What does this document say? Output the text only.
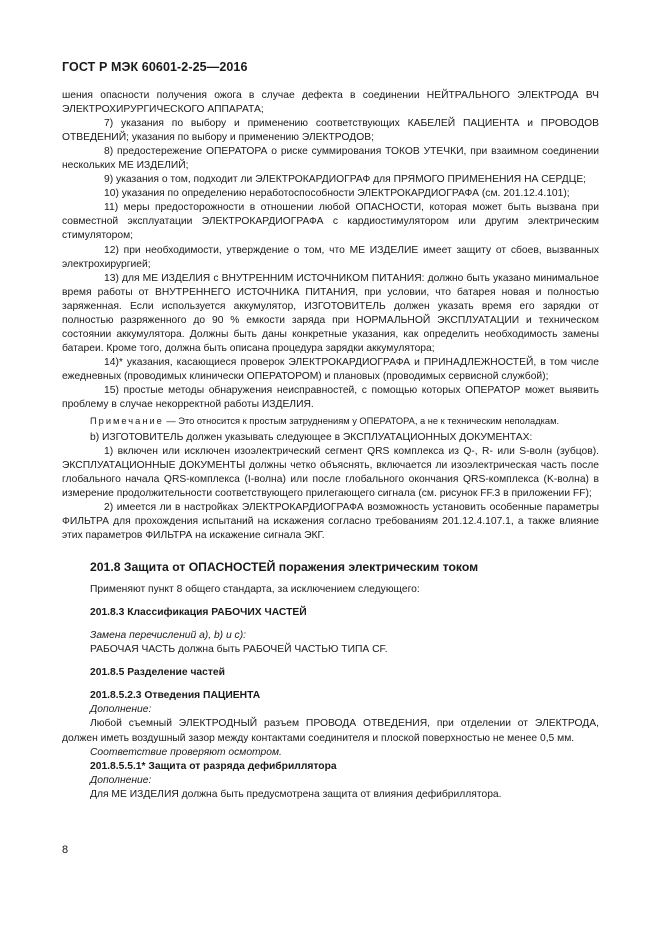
ГОСТ Р МЭК 60601-2-25—2016

шения опасности получения ожога в случае дефекта в соединении НЕЙТРАЛЬНОГО ЭЛЕКТРОДА ВЧ ЭЛЕКТРОХИРУРГИЧЕСКОГО АППАРАТА;

7) указания по выбору и применению соответствующих КАБЕЛЕЙ ПАЦИЕНТА и ПРОВОДОВ ОТВЕДЕНИЙ; указания по выбору и применению ЭЛЕКТРОДОВ;

8) предостережение ОПЕРАТОРА о риске суммирования ТОКОВ УТЕЧКИ, при взаимном соединении нескольких МЕ ИЗДЕЛИЙ;

9) указания о том, подходит ли ЭЛЕКТРОКАРДИОГРАФ для ПРЯМОГО ПРИМЕНЕНИЯ НА СЕРДЦЕ;

10) указания по определению неработоспособности ЭЛЕКТРОКАРДИОГРАФА (см. 201.12.4.101);

11) меры предосторожности в отношении любой ОПАСНОСТИ, которая может быть вызвана при совместной эксплуатации ЭЛЕКТРОКАРДИОГРАФА с кардиостимулятором или другим электрическим стимулятором;

12) при необходимости, утверждение о том, что МЕ ИЗДЕЛИЕ имеет защиту от сбоев, вызванных электрохирургией;

13) для МЕ ИЗДЕЛИЯ с ВНУТРЕННИМ ИСТОЧНИКОМ ПИТАНИЯ: должно быть указано минимальное время работы от ВНУТРЕННЕГО ИСТОЧНИКА ПИТАНИЯ, при условии, что батарея новая и полностью заряженная. Если используется аккумулятор, ИЗГОТОВИТЕЛЬ должен указать время его зарядки от полностью разряженного до 90 % емкости заряда при НОРМАЛЬНОЙ ЭКСПЛУАТАЦИИ и техническом состоянии аккумулятора. Должны быть даны конкретные указания, как определить необходимость замены батареи. Кроме того, должна быть описана процедура зарядки аккумулятора;

14)* указания, касающиеся проверок ЭЛЕКТРОКАРДИОГРАФА и ПРИНАДЛЕЖНОСТЕЙ, в том числе ежедневных (проводимых клинически ОПЕРАТОРОМ) и плановых (проводимых сервисной службой);

15) простые методы обнаружения неисправностей, с помощью которых ОПЕРАТОР может выявить проблему в случае некорректной работы ИЗДЕЛИЯ.

Примечание — Это относится к простым затруднениям у ОПЕРАТОРА, а не к техническим неполадкам.

b) ИЗГОТОВИТЕЛЬ должен указывать следующее в ЭКСПЛУАТАЦИОННЫХ ДОКУМЕНТАХ:

1) включен или исключен изоэлектрический сегмент QRS комплекса из Q-, R- или S-волн (зубцов). ЭКСПЛУАТАЦИОННЫЕ ДОКУМЕНТЫ должны четко объяснять, включается ли изоэлектрическая часть после глобального начала QRS-комплекса (I-волна) или после глобального окончания QRS-комплекса (K-волна) в измерение продолжительности соответствующего прилегающего сигнала (см. рисунок FF.3 в приложении FF);

2) имеется ли в настройках ЭЛЕКТРОКАРДИОГРАФА возможность установить особенные параметры ФИЛЬТРА для прохождения испытаний на искажения согласно требованиям 201.12.4.107.1, а также влияние этих параметров ФИЛЬТРА на искажение сигнала ЭКГ.

201.8 Защита от ОПАСНОСТЕЙ поражения электрическим током

Применяют пункт 8 общего стандарта, за исключением следующего:

201.8.3 Классификация РАБОЧИХ ЧАСТЕЙ

Замена перечислений a), b) и c):

РАБОЧАЯ ЧАСТЬ должна быть РАБОЧЕЙ ЧАСТЬЮ ТИПА CF.

201.8.5 Разделение частей
201.8.5.2.3 Отведения ПАЦИЕНТА

Дополнение:

Любой съемный ЭЛЕКТРОДНЫЙ разъем ПРОВОДА ОТВЕДЕНИЯ, при отделении от ЭЛЕКТРОДА, должен иметь воздушный зазор между контактами соединителя и плоской поверхностью не менее 0,5 мм.

Соответствие проверяют осмотром.

201.8.5.5.1* Защита от разряда дефибриллятора

Дополнение:

Для МЕ ИЗДЕЛИЯ должна быть предусмотрена защита от влияния дефибриллятора.

8
